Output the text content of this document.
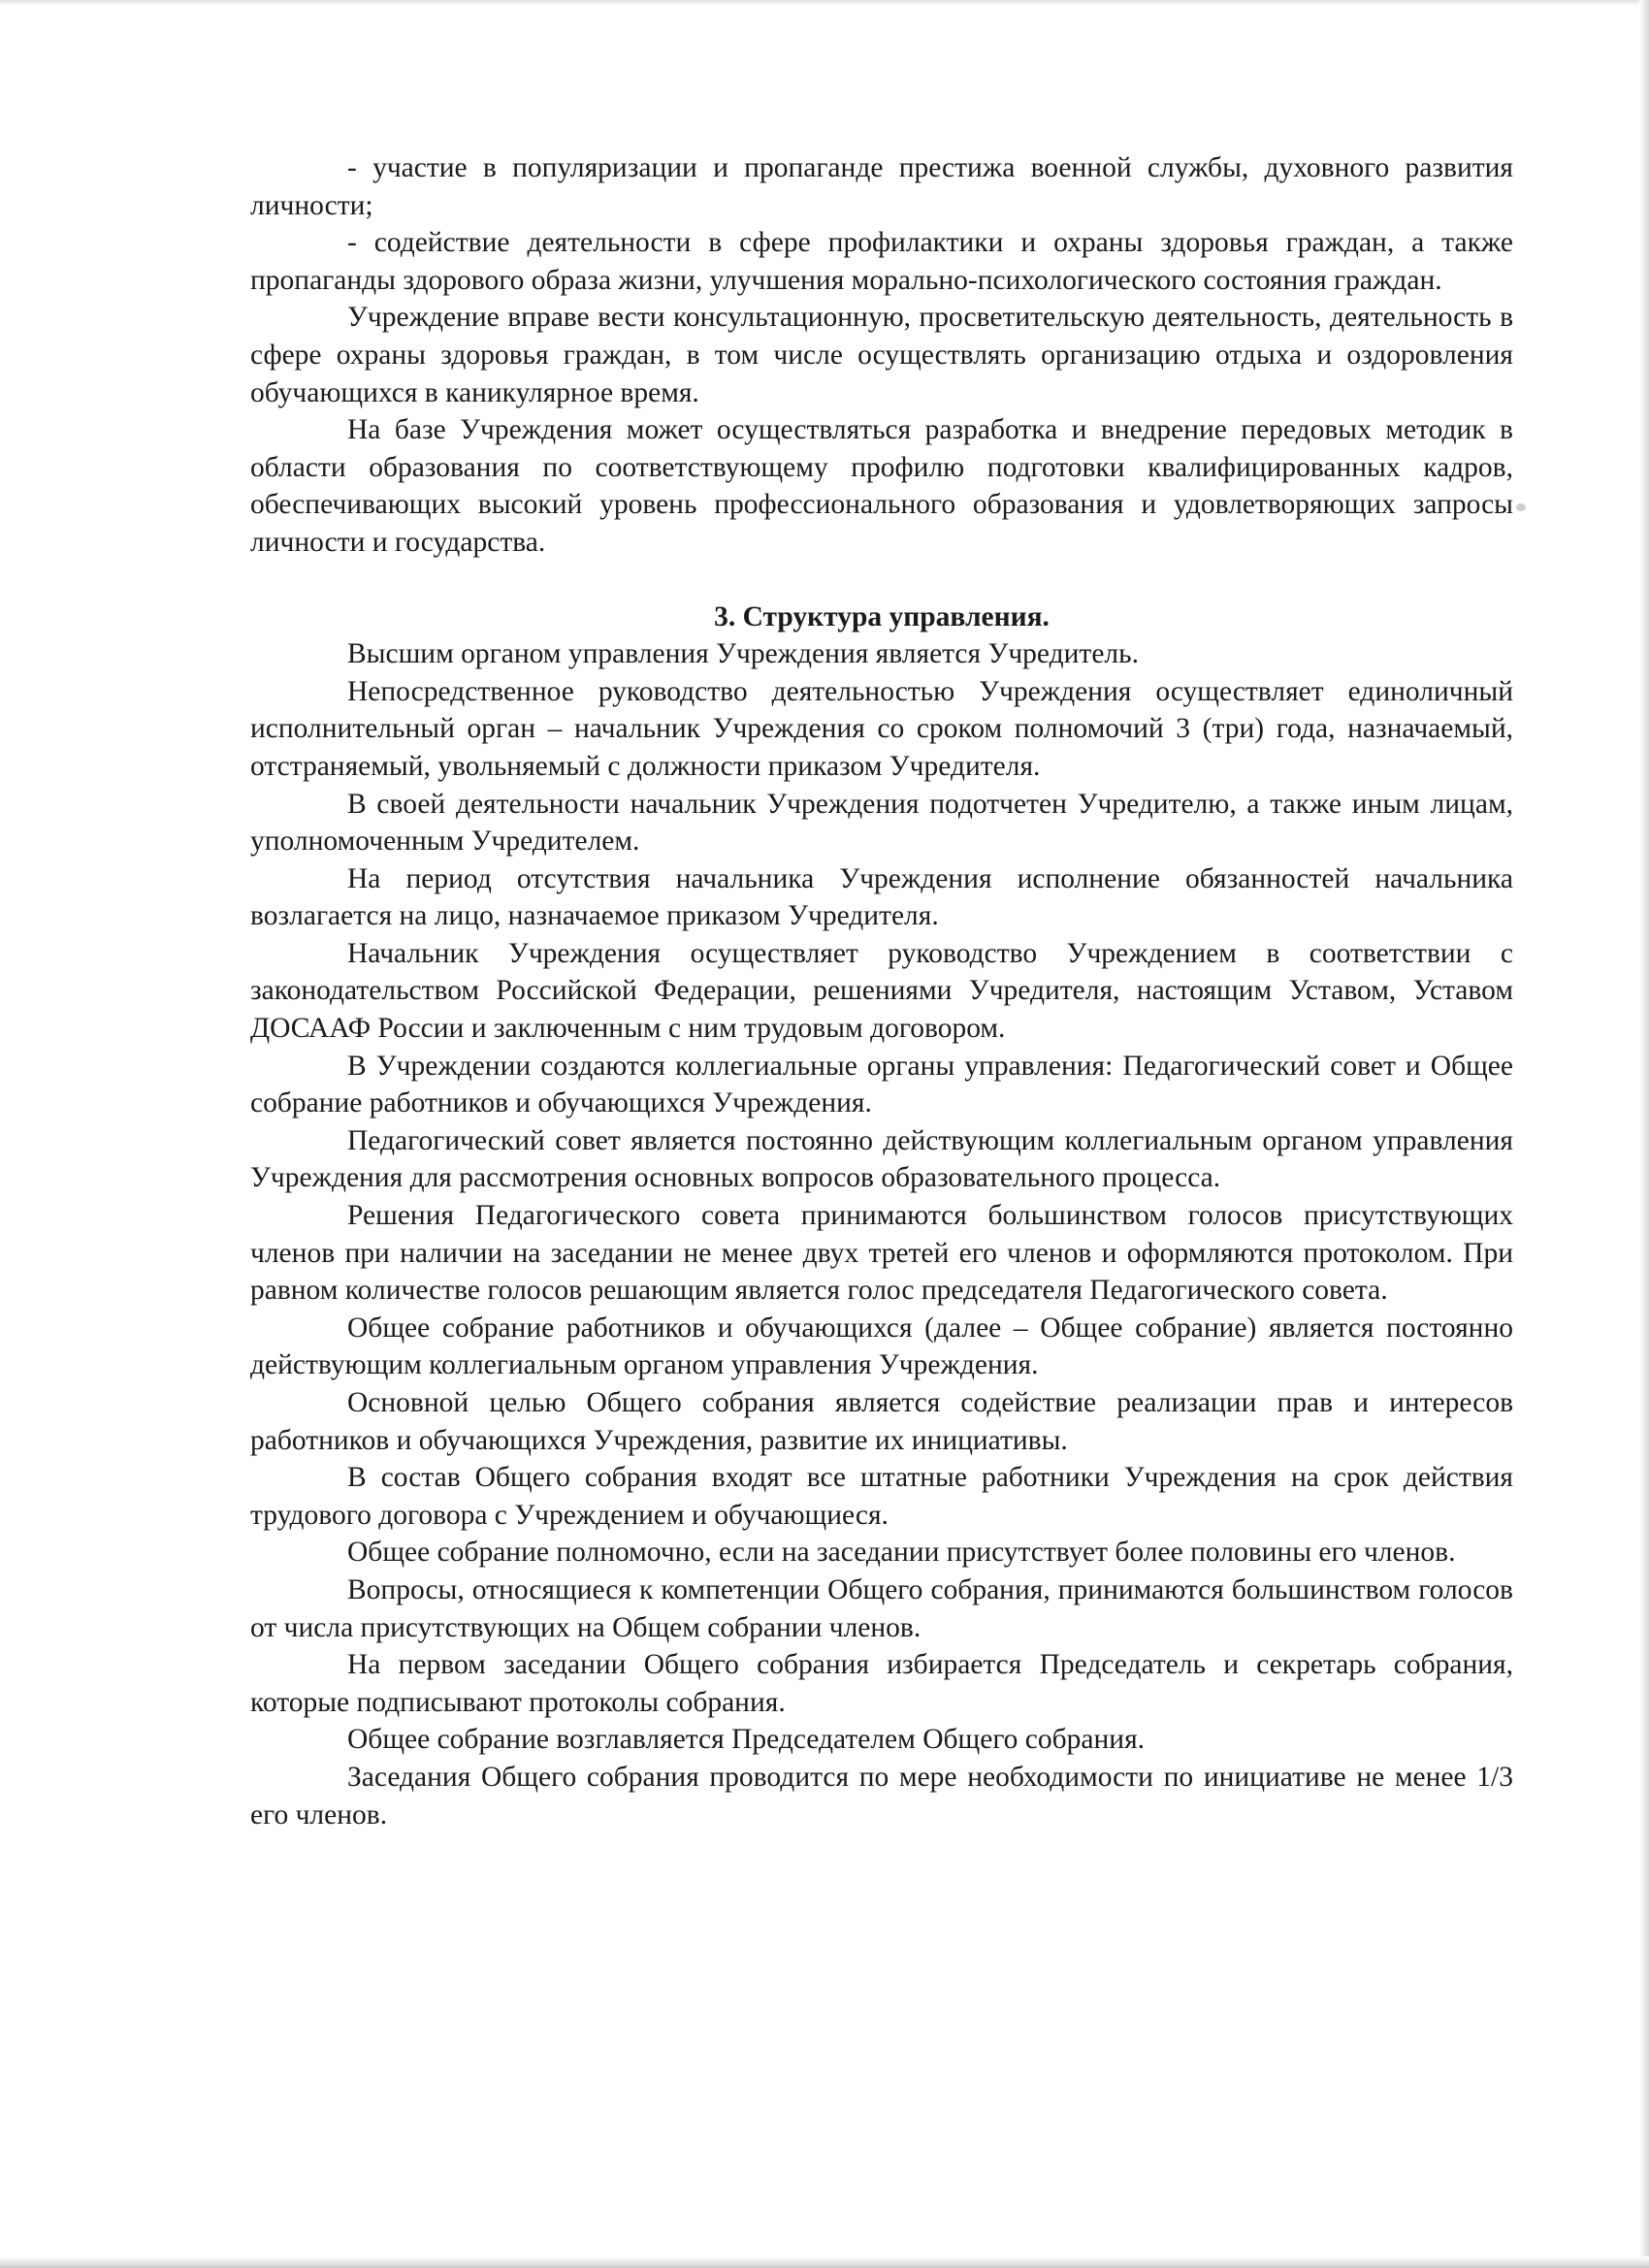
- участие в популяризации и пропаганде престижа военной службы, духовного развития личности;

- содействие деятельности в сфере профилактики и охраны здоровья граждан, а также пропаганды здорового образа жизни, улучшения морально-психологического состояния граждан.

Учреждение вправе вести консультационную, просветительскую деятельность, деятельность в сфере охраны здоровья граждан, в том числе осуществлять организацию отдыха и оздоровления обучающихся в каникулярное время.

На базе Учреждения может осуществляться разработка и внедрение передовых методик в области образования по соответствующему профилю подготовки квалифицированных кадров, обеспечивающих высокий уровень профессионального образования и удовлетворяющих запросы личности и государства.

3. Структура управления.

Высшим органом управления Учреждения является Учредитель.

Непосредственное руководство деятельностью Учреждения осуществляет единоличный исполнительный орган – начальник Учреждения со сроком полномочий 3 (три) года, назначаемый, отстраняемый, увольняемый с должности приказом Учредителя.

В своей деятельности начальник Учреждения подотчетен Учредителю, а также иным лицам, уполномоченным Учредителем.

На период отсутствия начальника Учреждения исполнение обязанностей начальника возлагается на лицо, назначаемое приказом Учредителя.

Начальник Учреждения осуществляет руководство Учреждением в соответствии с законодательством Российской Федерации, решениями Учредителя, настоящим Уставом, Уставом ДОСААФ России и заключенным с ним трудовым договором.

В Учреждении создаются коллегиальные органы управления: Педагогический совет и Общее собрание работников и обучающихся Учреждения.

Педагогический совет является постоянно действующим коллегиальным органом управления Учреждения для рассмотрения основных вопросов образовательного процесса.

Решения Педагогического совета принимаются большинством голосов присутствующих членов при наличии на заседании не менее двух третей его членов и оформляются протоколом. При равном количестве голосов решающим является голос председателя Педагогического совета.

Общее собрание работников и обучающихся (далее – Общее собрание) является постоянно действующим коллегиальным органом управления Учреждения.

Основной целью Общего собрания является содействие реализации прав и интересов работников и обучающихся Учреждения, развитие их инициативы.

В состав Общего собрания входят все штатные работники Учреждения на срок действия трудового договора с Учреждением и обучающиеся.

Общее собрание полномочно, если на заседании присутствует более половины его членов.

Вопросы, относящиеся к компетенции Общего собрания, принимаются большинством голосов от числа присутствующих на Общем собрании членов.

На первом заседании Общего собрания избирается Председатель и секретарь собрания, которые подписывают протоколы собрания.

Общее собрание возглавляется Председателем Общего собрания.

Заседания Общего собрания проводится по мере необходимости по инициативе не менее 1/3 его членов.
